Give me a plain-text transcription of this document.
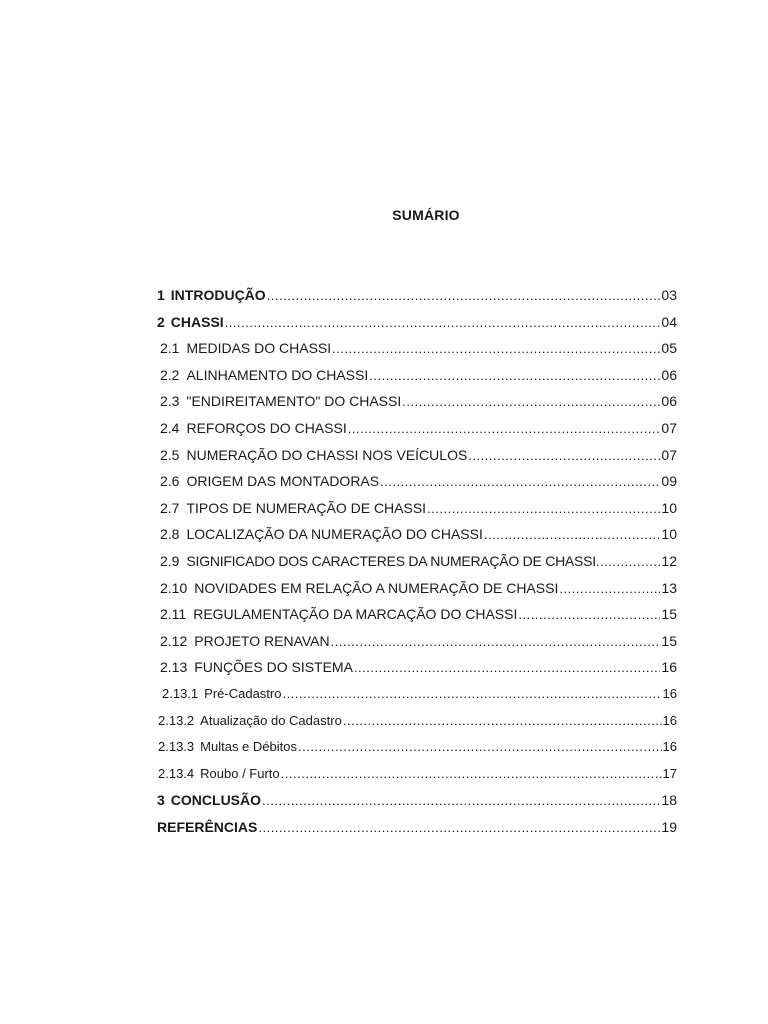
SUMÁRIO
1 INTRODUÇÃO .....	03
2 CHASSI .....	04
2.1 MEDIDAS DO CHASSI .....	05
2.2 ALINHAMENTO DO CHASSI .....	06
2.3 "ENDIREITAMENTO" DO CHASSI .....	06
2.4 REFORÇOS DO CHASSI .....	07
2.5 NUMERAÇÃO DO CHASSI NOS VEÍCULOS .....	07
2.6 ORIGEM DAS MONTADORAS .....	09
2.7 TIPOS DE NUMERAÇÃO DE CHASSI .....	10
2.8 LOCALIZAÇÃO DA NUMERAÇÃO DO CHASSI .....	10
2.9 SIGNIFICADO DOS CARACTERES DA NUMERAÇÃO DE CHASSI .....	12
2.10 NOVIDADES EM RELAÇÃO A NUMERAÇÃO DE CHASSI .....	13
2.11 REGULAMENTAÇÃO DA MARCAÇÃO DO CHASSI .....	15
2.12 PROJETO RENAVAN .....	15
2.13 FUNÇÕES DO SISTEMA .....	16
2.13.1 Pré-Cadastro .....	16
2.13.2 Atualização do Cadastro .....	16
2.13.3 Multas e Débitos .....	16
2.13.4 Roubo / Furto .....	17
3 CONCLUSÃO .....	18
REFERÊNCIAS .....	19
